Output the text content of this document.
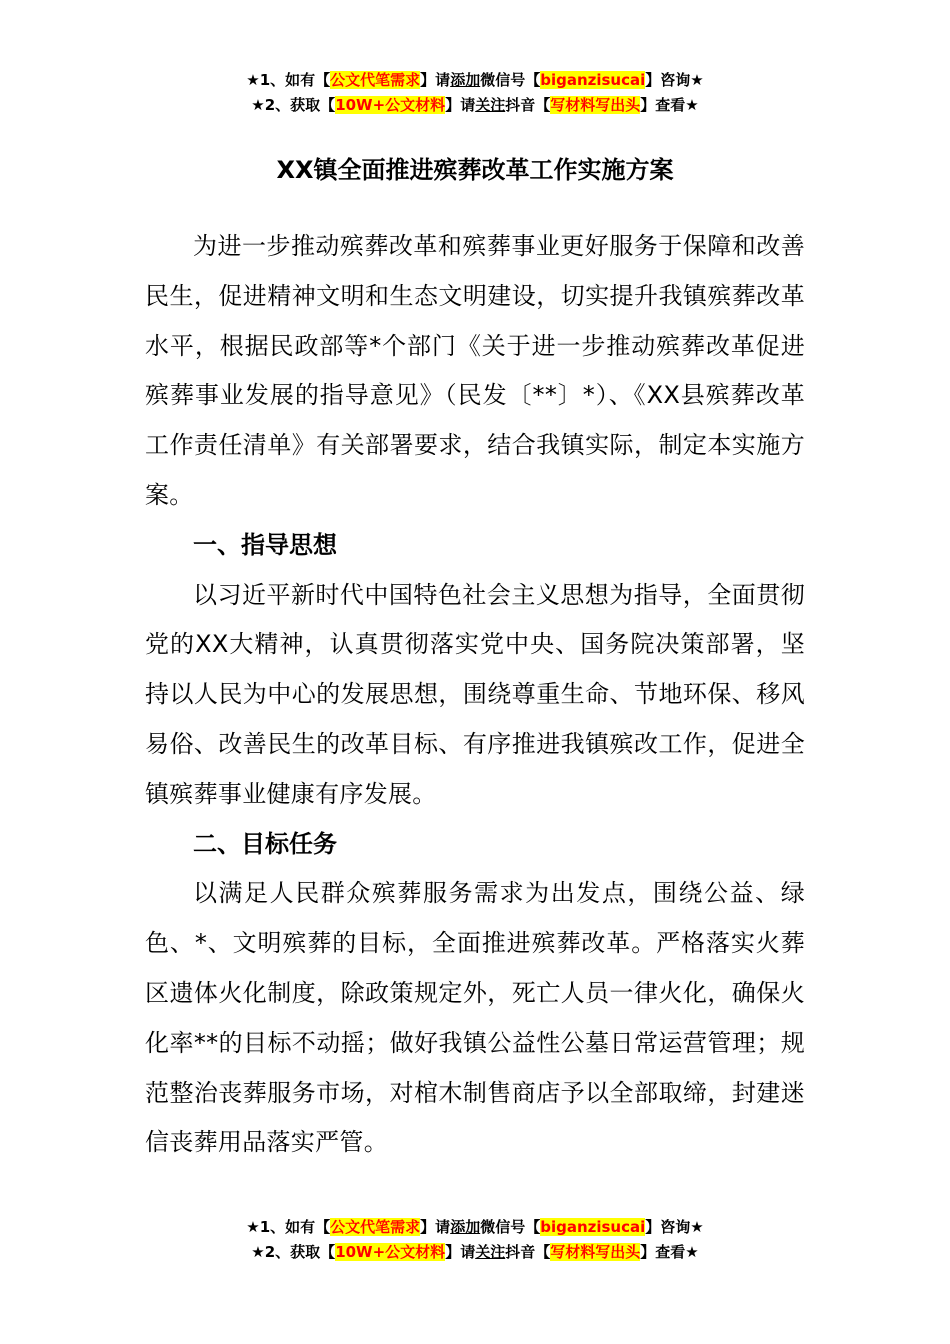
★1、如有【公文代笔需求】请添加微信号【biganzisucai】咨询★
★2、获取【10W+公文材料】请关注抖音【写材料写出头】查看★
XX镇全面推进殡葬改革工作实施方案

为进一步推动殡葬改革和殡葬事业更好服务于保障和改善民生，促进精神文明和生态文明建设，切实提升我镇殡葬改革水平，根据民政部等*个部门《关于进一步推动殡葬改革促进殡葬事业发展的指导意见》（民发〔**〕*）、《XX县殡葬改革工作责任清单》有关部署要求，结合我镇实际，制定本实施方案。

一、指导思想

以习近平新时代中国特色社会主义思想为指导，全面贯彻党的XX大精神，认真贯彻落实党中央、国务院决策部署，坚持以人民为中心的发展思想，围绕尊重生命、节地环保、移风易俗、改善民生的改革目标、有序推进我镇殡改工作，促进全镇殡葬事业健康有序发展。

二、目标任务

以满足人民群众殡葬服务需求为出发点，围绕公益、绿色、*、文明殡葬的目标，全面推进殡葬改革。严格落实火葬区遗体火化制度，除政策规定外，死亡人员一律火化，确保火化率**的目标不动摇；做好我镇公益性公墓日常运营管理；规范整治丧葬服务市场，对棺木制售商店予以全部取缔，封建迷信丧葬用品落实严管。

★1、如有【公文代笔需求】请添加微信号【biganzisucai】咨询★
★2、获取【10W+公文材料】请关注抖音【写材料写出头】查看★
